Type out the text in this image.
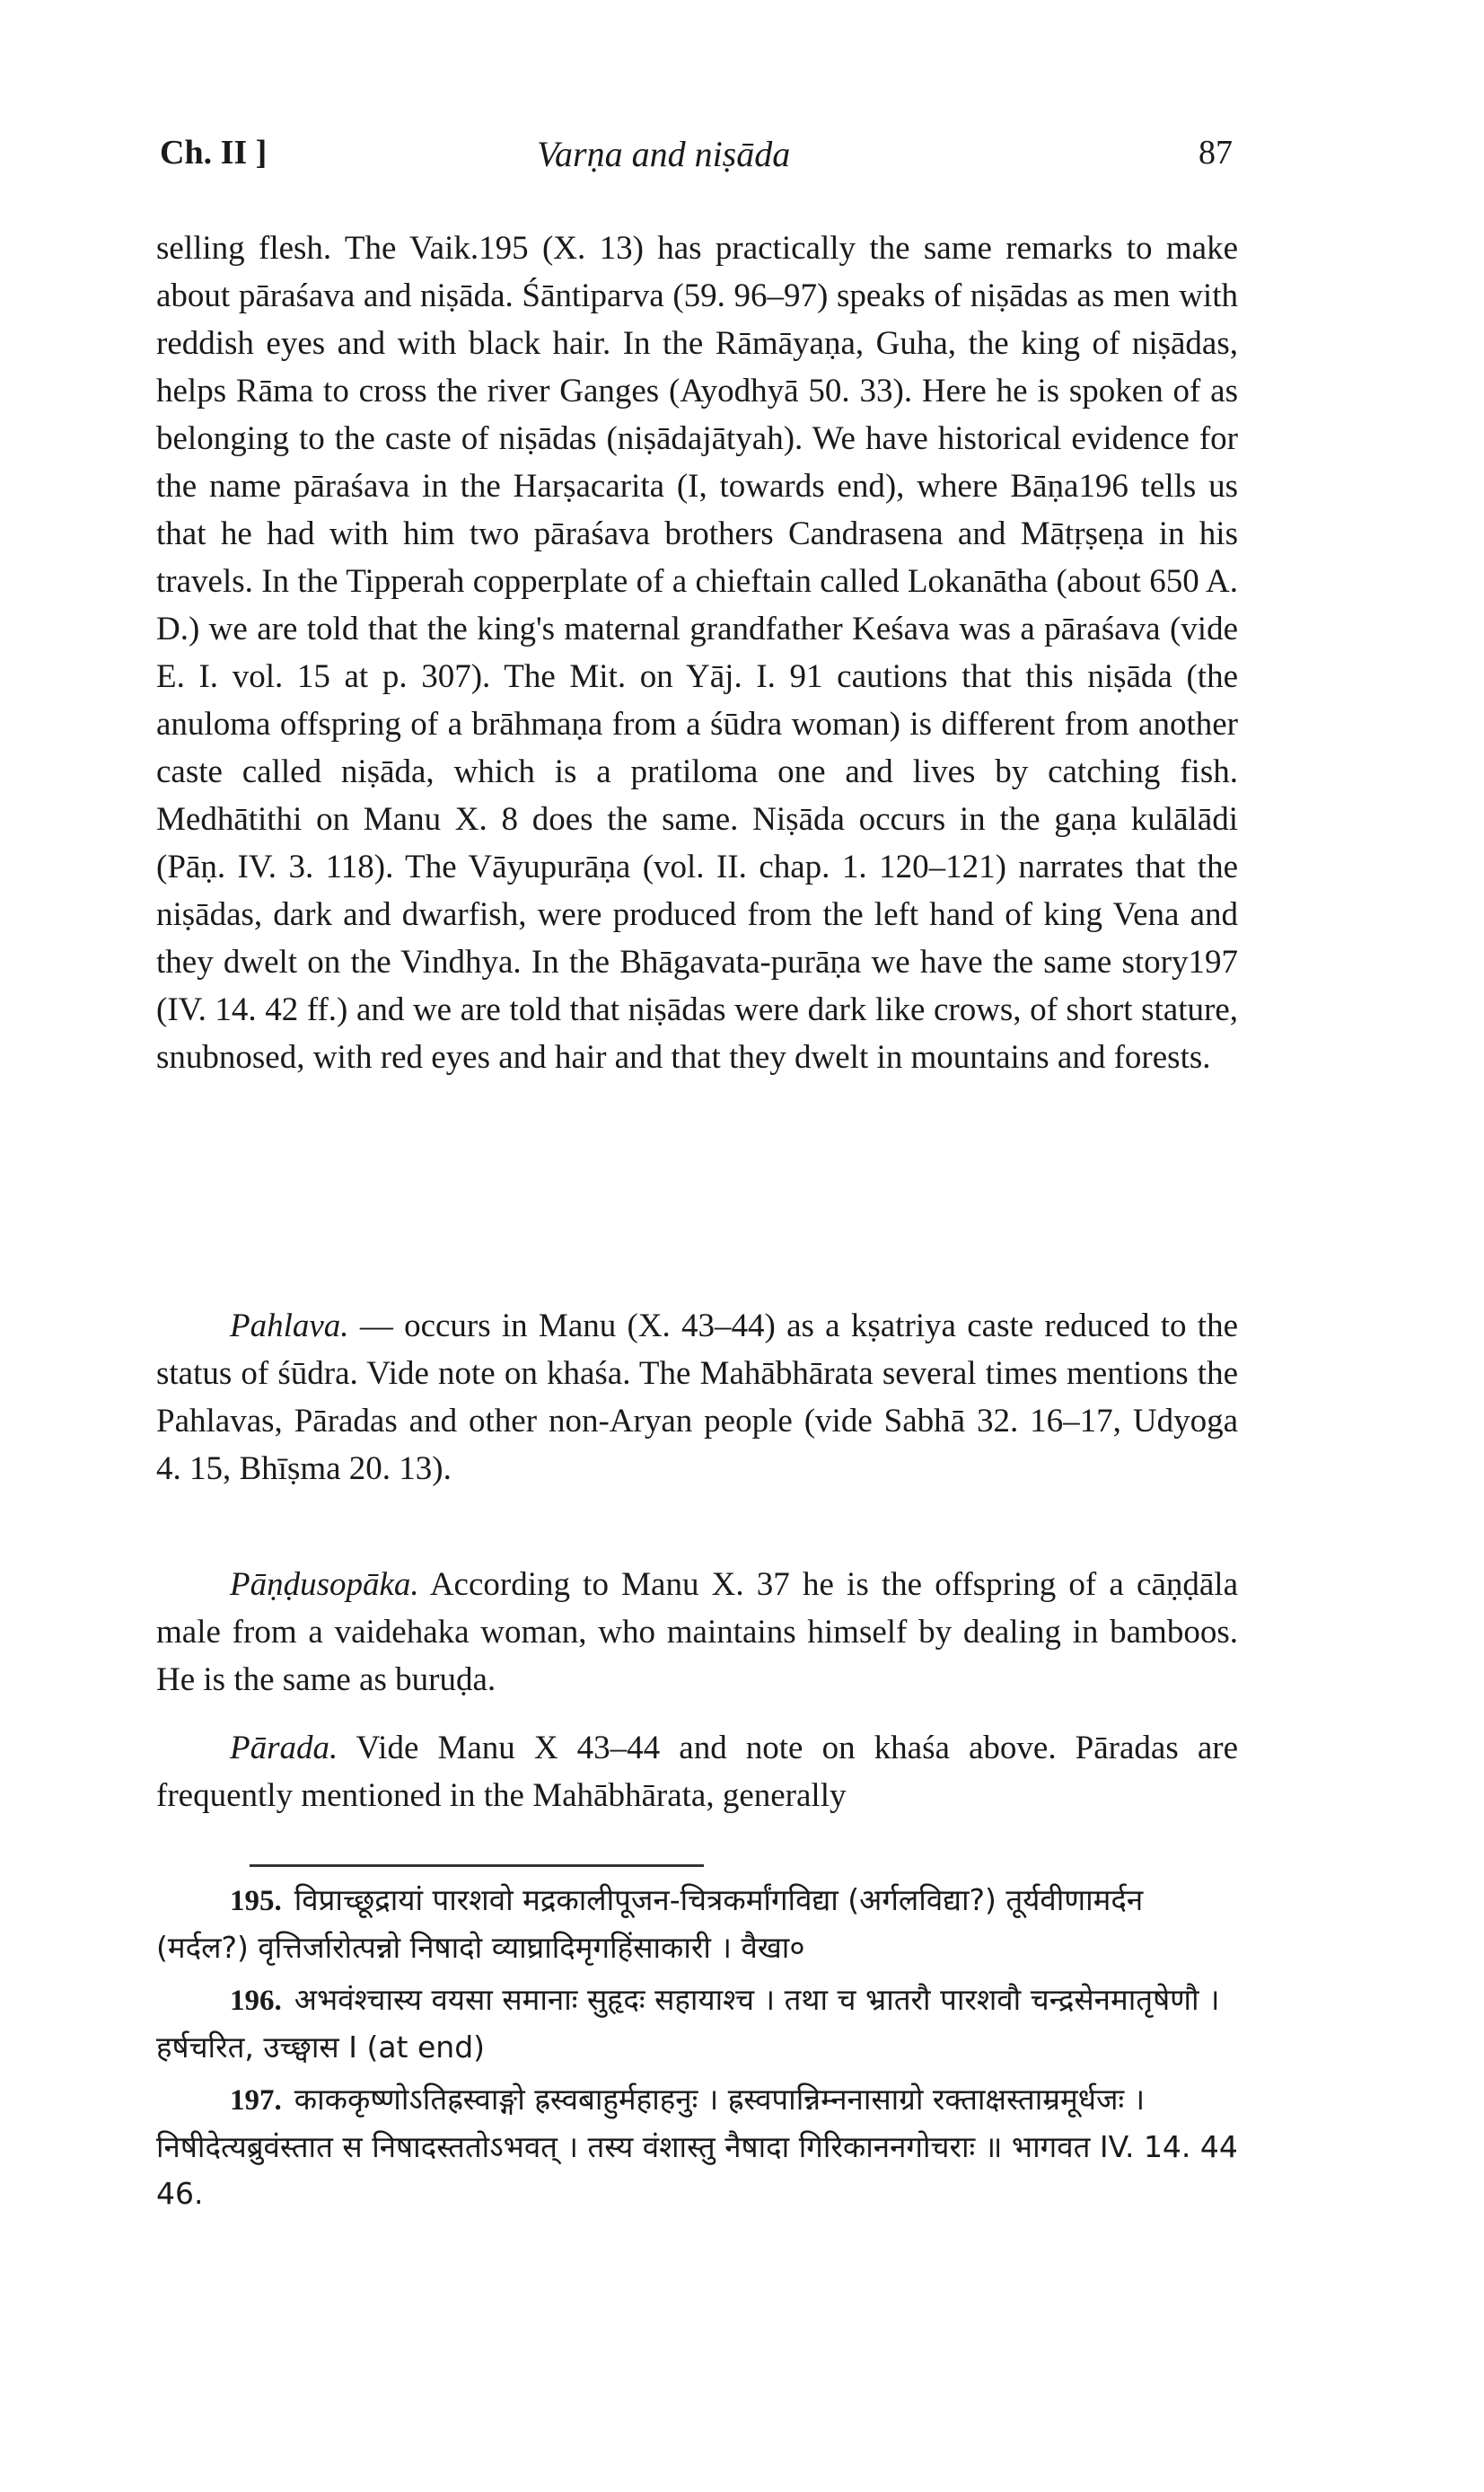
Ch. II ]	Varṇa and niṣāda	87
selling flesh. The Vaik.195 (X. 13) has practically the same remarks to make about pāraśava and niṣāda. Śāntiparva (59. 96–97) speaks of niṣādas as men with reddish eyes and with black hair. In the Rāmāyaṇa, Guha, the king of niṣādas, helps Rāma to cross the river Ganges (Ayodhyā 50. 33). Here he is spoken of as belonging to the caste of niṣādas (niṣādajātyah). We have historical evidence for the name pāraśava in the Harṣacarita (I, towards end), where Bāṇa196 tells us that he had with him two pāraśava brothers Candrasena and Mātṛṣeṇa in his travels. In the Tipperah copperplate of a chieftain called Lokanātha (about 650 A. D.) we are told that the king's maternal grandfather Keśava was a pāraśava (vide E. I. vol. 15 at p. 307). The Mit. on Yāj. I. 91 cautions that this niṣāda (the anuloma offspring of a brāhmaṇa from a śūdra woman) is different from another caste called niṣāda, which is a pratiloma one and lives by catching fish. Medhātithi on Manu X. 8 does the same. Niṣāda occurs in the gaṇa kulālādi (Pāṇ. IV. 3. 118). The Vāyupurāṇa (vol. II. chap. 1. 120–121) narrates that the niṣādas, dark and dwarfish, were produced from the left hand of king Vena and they dwelt on the Vindhya. In the Bhāgavata-purāṇa we have the same story197 (IV. 14. 42 ff.) and we are told that niṣādas were dark like crows, of short stature, snubnosed, with red eyes and hair and that they dwelt in mountains and forests.
Pahlava. — occurs in Manu (X. 43–44) as a kṣatriya caste reduced to the status of śūdra. Vide note on khaśa. The Mahābhārata several times mentions the Pahlavas, Pāradas and other non-Aryan people (vide Sabhā 32. 16–17, Udyoga 4. 15, Bhīṣma 20. 13).
Pāṇḍusopāka. According to Manu X. 37 he is the offspring of a cāṇḍāla male from a vaidehaka woman, who maintains himself by dealing in bamboos. He is the same as buruḍa.
Pārada. Vide Manu X 43–44 and note on khaśa above. Pāradas are frequently mentioned in the Mahābhārata, generally
195. विप्राच्छूद्रायां पारशवो मद्रकालीपूजन-चित्रकर्मांगविद्या (अर्गलविद्या?) तूर्यवीणामर्दन (मर्दल?) वृत्तिर्जारोत्पन्नो निषादो व्याघ्रादिमृगहिंसाकारी । वैखा०
196. अभवंश्चास्य वयसा समानाः सुहृदः सहायाश्च । तथा च भ्रातरौ पारशवौ चन्द्रसेनमातृषेणौ । हर्षचरित, उच्छ्वास I (at end)
197. काककृष्णोऽतिह्रस्वाङ्गो ह्रस्वबाहुर्महाहनुः । ह्रस्वपान्निम्ननासाग्रो रक्ताक्षस्ताम्रमूर्धजः । निषीदेत्यब्रुवंस्तात स निषादस्ततोऽभवत् । तस्य वंशास्तु नैषादा गिरिकाननगोचराः ॥ भागवत IV. 14. 44 46.
